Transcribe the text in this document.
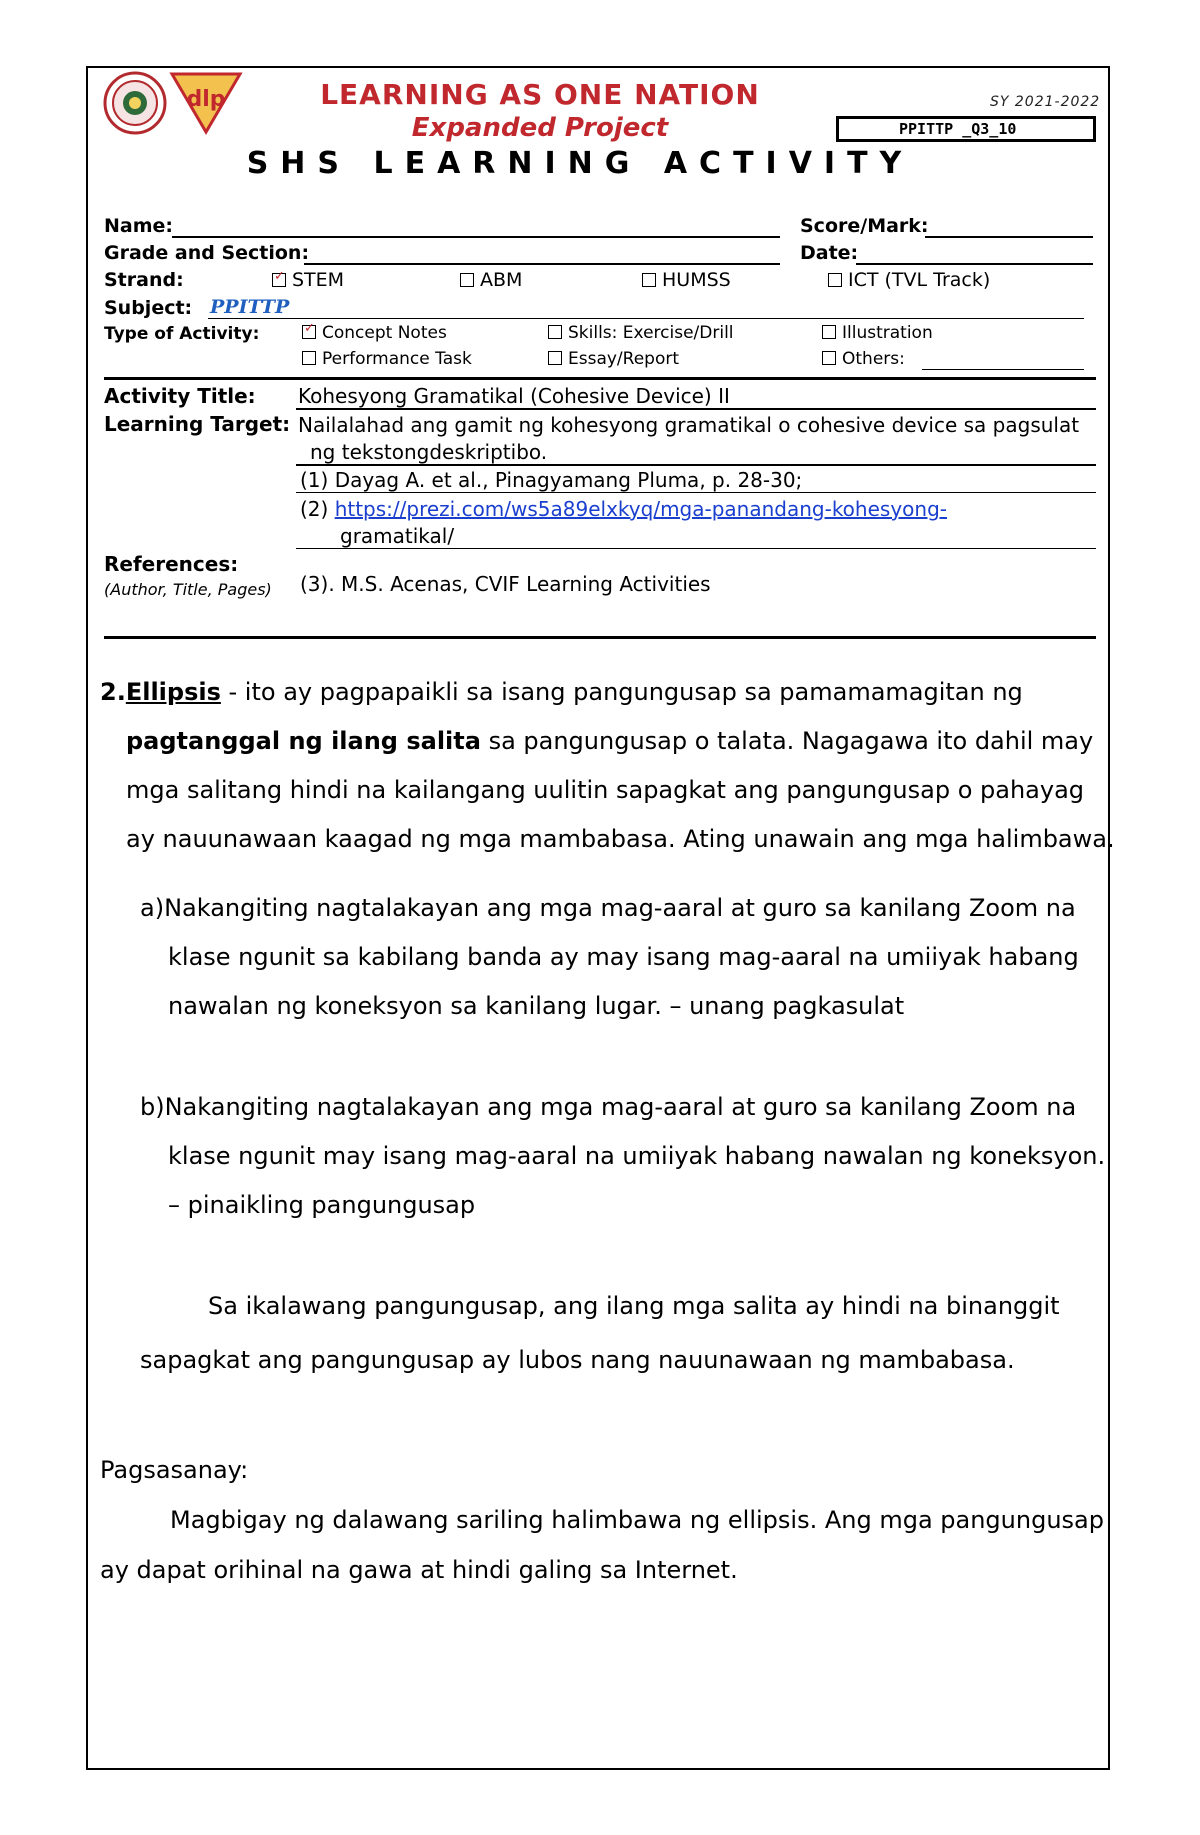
dlp	LEARNING AS ONE NATION
Expanded Project
SHS LEARNING ACTIVITY
SY 2021-2022
PPITTP _Q3_10
Name:	Score/Mark:
Grade and Section:	Date:
Strand: ✓	STEM	ABM	HUMSS	ICT (TVL Track)
Subject: PPITTP
Type of Activity: ✓	Concept Notes	Skills: Exercise/Drill	Illustration
Performance Task	Essay/Report	Others:
Activity Title: Kohesyong Gramatikal (Cohesive Device) II
Learning Target: Nailalahad ang gamit ng kohesyong gramatikal o cohesive device sa pagsulat
ng tekstongdeskriptibo.
(1) Dayag A. et al., Pinagyamang Pluma, p. 28-30;
(2) https://prezi.com/ws5a89elxkyq/mga-panandang-kohesyong-
gramatikal/
References:
(Author, Title, Pages) (3). M.S. Acenas, CVIF Learning Activities
2.Ellipsis - ito ay pagpapaikli sa isang pangungusap sa pamamamagitan ng
pagtanggal ng ilang salita sa pangungusap o talata. Nagagawa ito dahil may
mga salitang hindi na kailangang uulitin sapagkat ang pangungusap o pahayag
ay nauunawaan kaagad ng mga mambabasa. Ating unawain ang mga halimbawa.
a)Nakangiting nagtalakayan ang mga mag-aaral at guro sa kanilang Zoom na
klase ngunit sa kabilang banda ay may isang mag-aaral na umiiyak habang
nawalan ng koneksyon sa kanilang lugar. – unang pagkasulat
b)Nakangiting nagtalakayan ang mga mag-aaral at guro sa kanilang Zoom na
klase ngunit may isang mag-aaral na umiiyak habang nawalan ng koneksyon.
– pinaikling pangungusap
Sa ikalawang pangungusap, ang ilang mga salita ay hindi na binanggit
sapagkat ang pangungusap ay lubos nang nauunawaan ng mambabasa.
Pagsasanay:
Magbigay ng dalawang sariling halimbawa ng ellipsis. Ang mga pangungusap
ay dapat orihinal na gawa at hindi galing sa Internet.
